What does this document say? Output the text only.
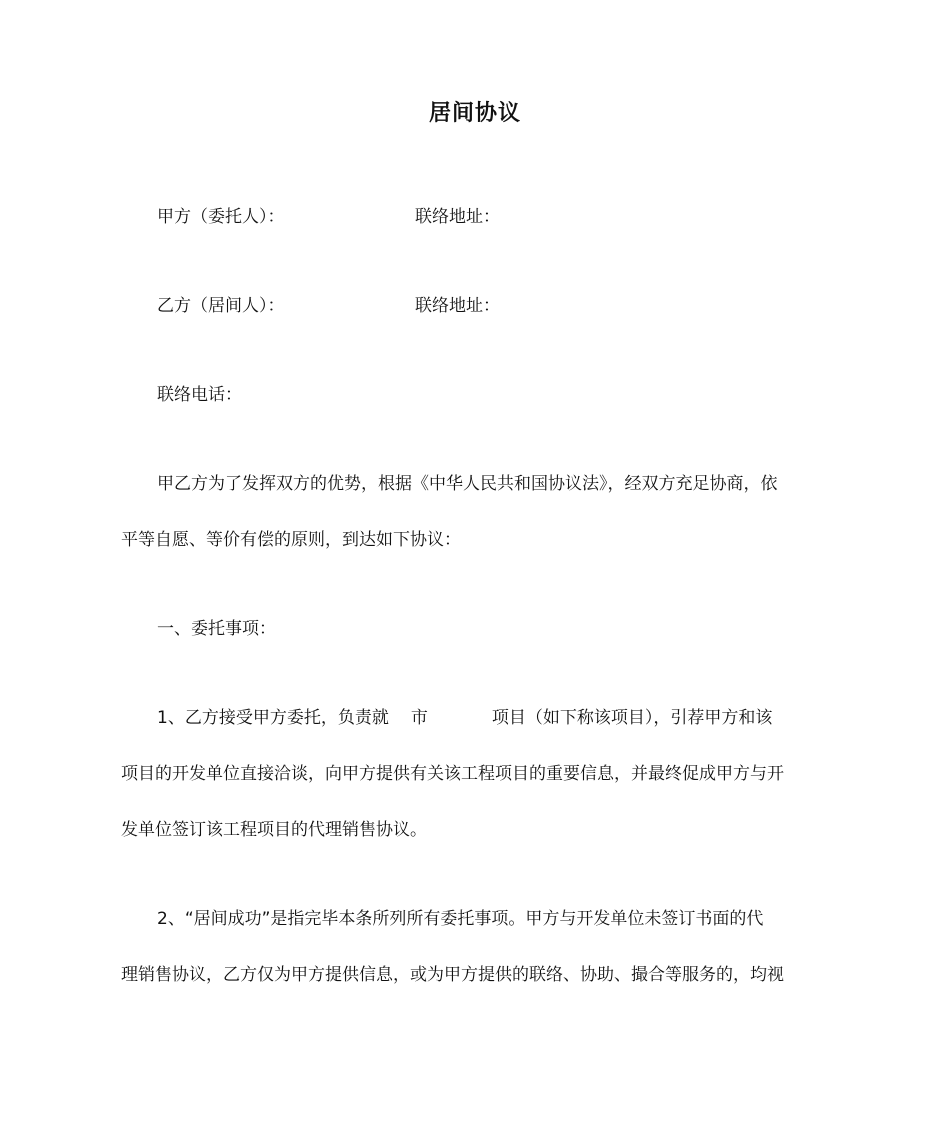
居间协议
甲方（委托人）：	联络地址：
乙方（居间人）：	联络地址：
联络电话：
甲乙方为了发挥双方的优势，根据《中华人民共和国协议法》，经双方充足协商，依
平等自愿、等价有偿的原则，到达如下协议：
一、委托事项：
1、乙方接受甲方委托，负责就 市	项目（如下称该项目），引荐甲方和该
项目的开发单位直接洽谈，向甲方提供有关该工程项目的重要信息，并最终促成甲方与开
发单位签订该工程项目的代理销售协议。
2、“居间成功”是指完毕本条所列所有委托事项。甲方与开发单位未签订书面的代
理销售协议，乙方仅为甲方提供信息，或为甲方提供的联络、协助、撮合等服务的，均视
